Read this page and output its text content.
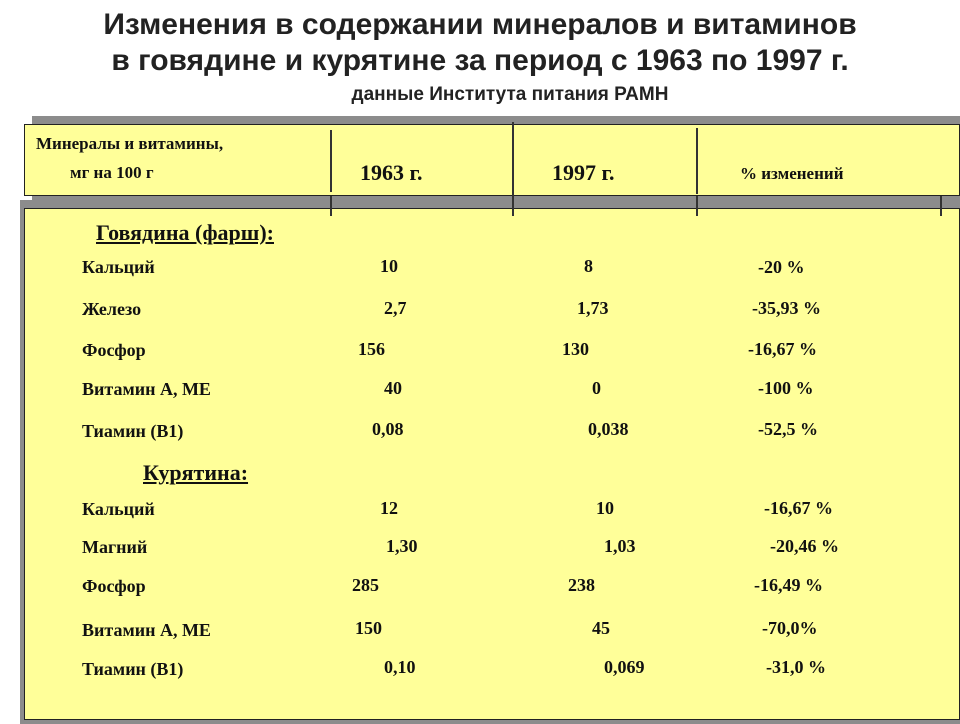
Изменения в содержании минералов и витаминов
в говядине и курятине за период с 1963 по 1997 г.
данные Института питания РАМН
Минералы и витамины,
мг на 100 г	1963 г.	1997 г.	% изменений
Говядина (фарш):
Кальций	10	8	-20 %
Железо	2,7	1,73	-35,93 %
Фосфор	156	130	-16,67 %
Витамин А, МЕ	40	0	-100 %
Тиамин (В1)	0,08	0,038	-52,5 %
Курятина:
Кальций	12	10	-16,67 %
Магний	1,30	1,03	-20,46 %
Фосфор	285	238	-16,49 %
Витамин А, МЕ	150	45	-70,0%
Тиамин (В1)	0,10	0,069	-31,0 %
